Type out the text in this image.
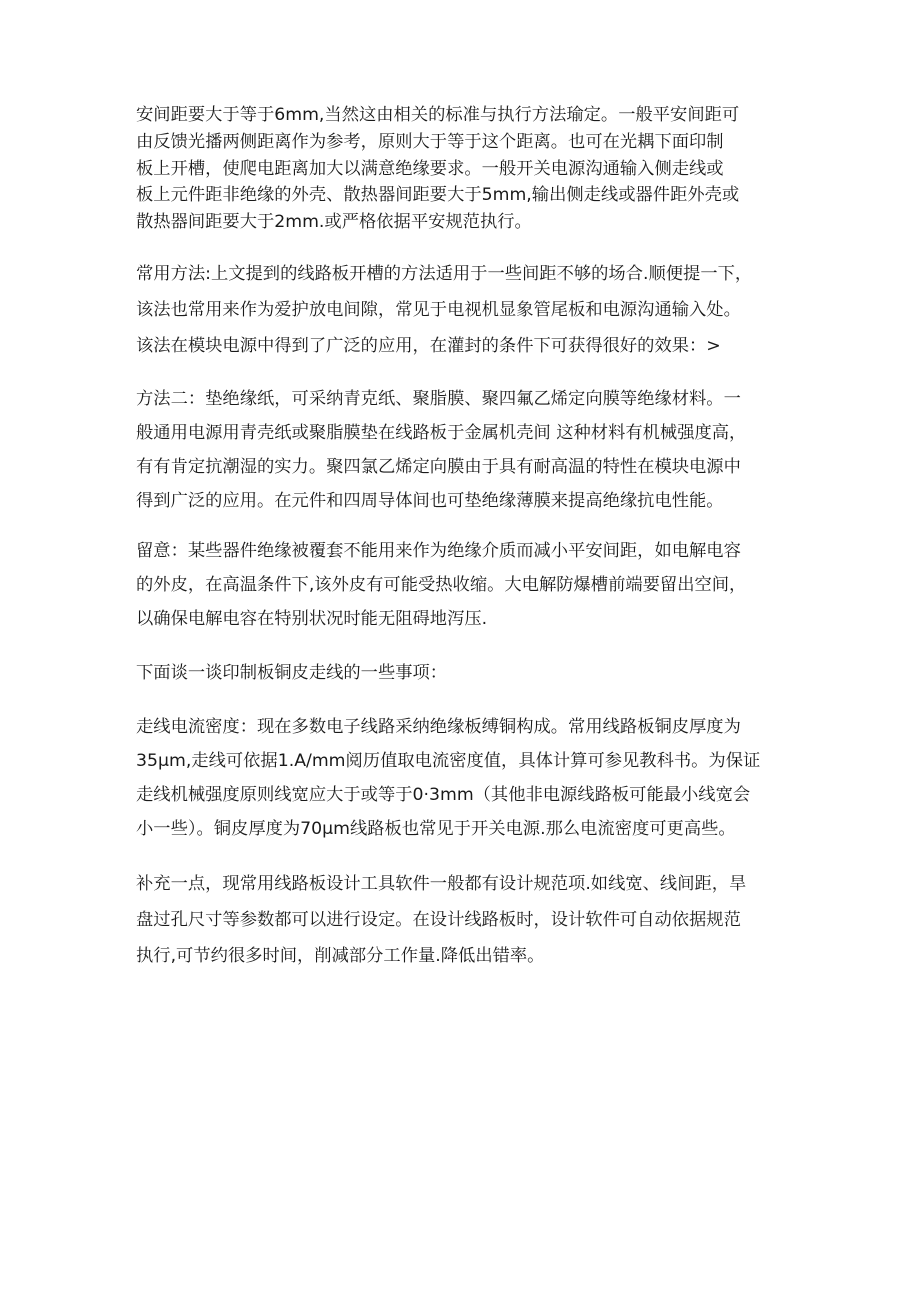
安间距要大于等于6mm,当然这由相关的标准与执行方法瑜定。一般平安间距可

由反馈光播两侧距离作为参考，原则大于等于这个距离。也可在光耦下面印制

板上开槽，使爬电距离加大以满意绝缘要求。一般开关电源沟通输入侧走线或

板上元件距非绝缘的外壳、散热器间距要大于5mm,输出侧走线或器件距外壳或

散热器间距要大于2mm.或严格依据平安规范执行。

常用方法:上文提到的线路板开槽的方法适用于一些间距不够的场合.顺便提一下，

该法也常用来作为爱护放电间隙，常见于电视机显象管尾板和电源沟通输入处。

该法在模块电源中得到了广泛的应用，在灌封的条件下可获得很好的效果：>

方法二：垫绝缘纸，可采纳青克纸、聚脂膜、聚四氟乙烯定向膜等绝缘材料。一

般通用电源用青壳纸或聚脂膜垫在线路板于金属机壳间 这种材料有机械强度高，

有有肯定抗潮湿的实力。聚四氯乙烯定向膜由于具有耐高温的特性在模块电源中

得到广泛的应用。在元件和四周导体间也可垫绝缘薄膜来提高绝缘抗电性能。

留意：某些器件绝缘被覆套不能用来作为绝缘介质而减小平安间距，如电解电容

的外皮，在高温条件下,该外皮有可能受热收缩。大电解防爆槽前端要留出空间，

以确保电解电容在特别状况时能无阻碍地泻压.

下面谈一谈印制板铜皮走线的一些事项：

走线电流密度：现在多数电子线路采纳绝缘板缚铜构成。常用线路板铜皮厚度为

35μm,走线可依据1.A/mm阅历值取电流密度值，具体计算可参见教科书。为保证

走线机械强度原则线宽应大于或等于0·3mm（其他非电源线路板可能最小线宽会

小一些）。铜皮厚度为70μm线路板也常见于开关电源.那么电流密度可更高些。

补充一点，现常用线路板设计工具软件一般都有设计规范项.如线宽、线间距，旱

盘过孔尺寸等参数都可以进行设定。在设计线路板时，设计软件可自动依据规范

执行,可节约很多时间，削减部分工作量.降低出错率。
